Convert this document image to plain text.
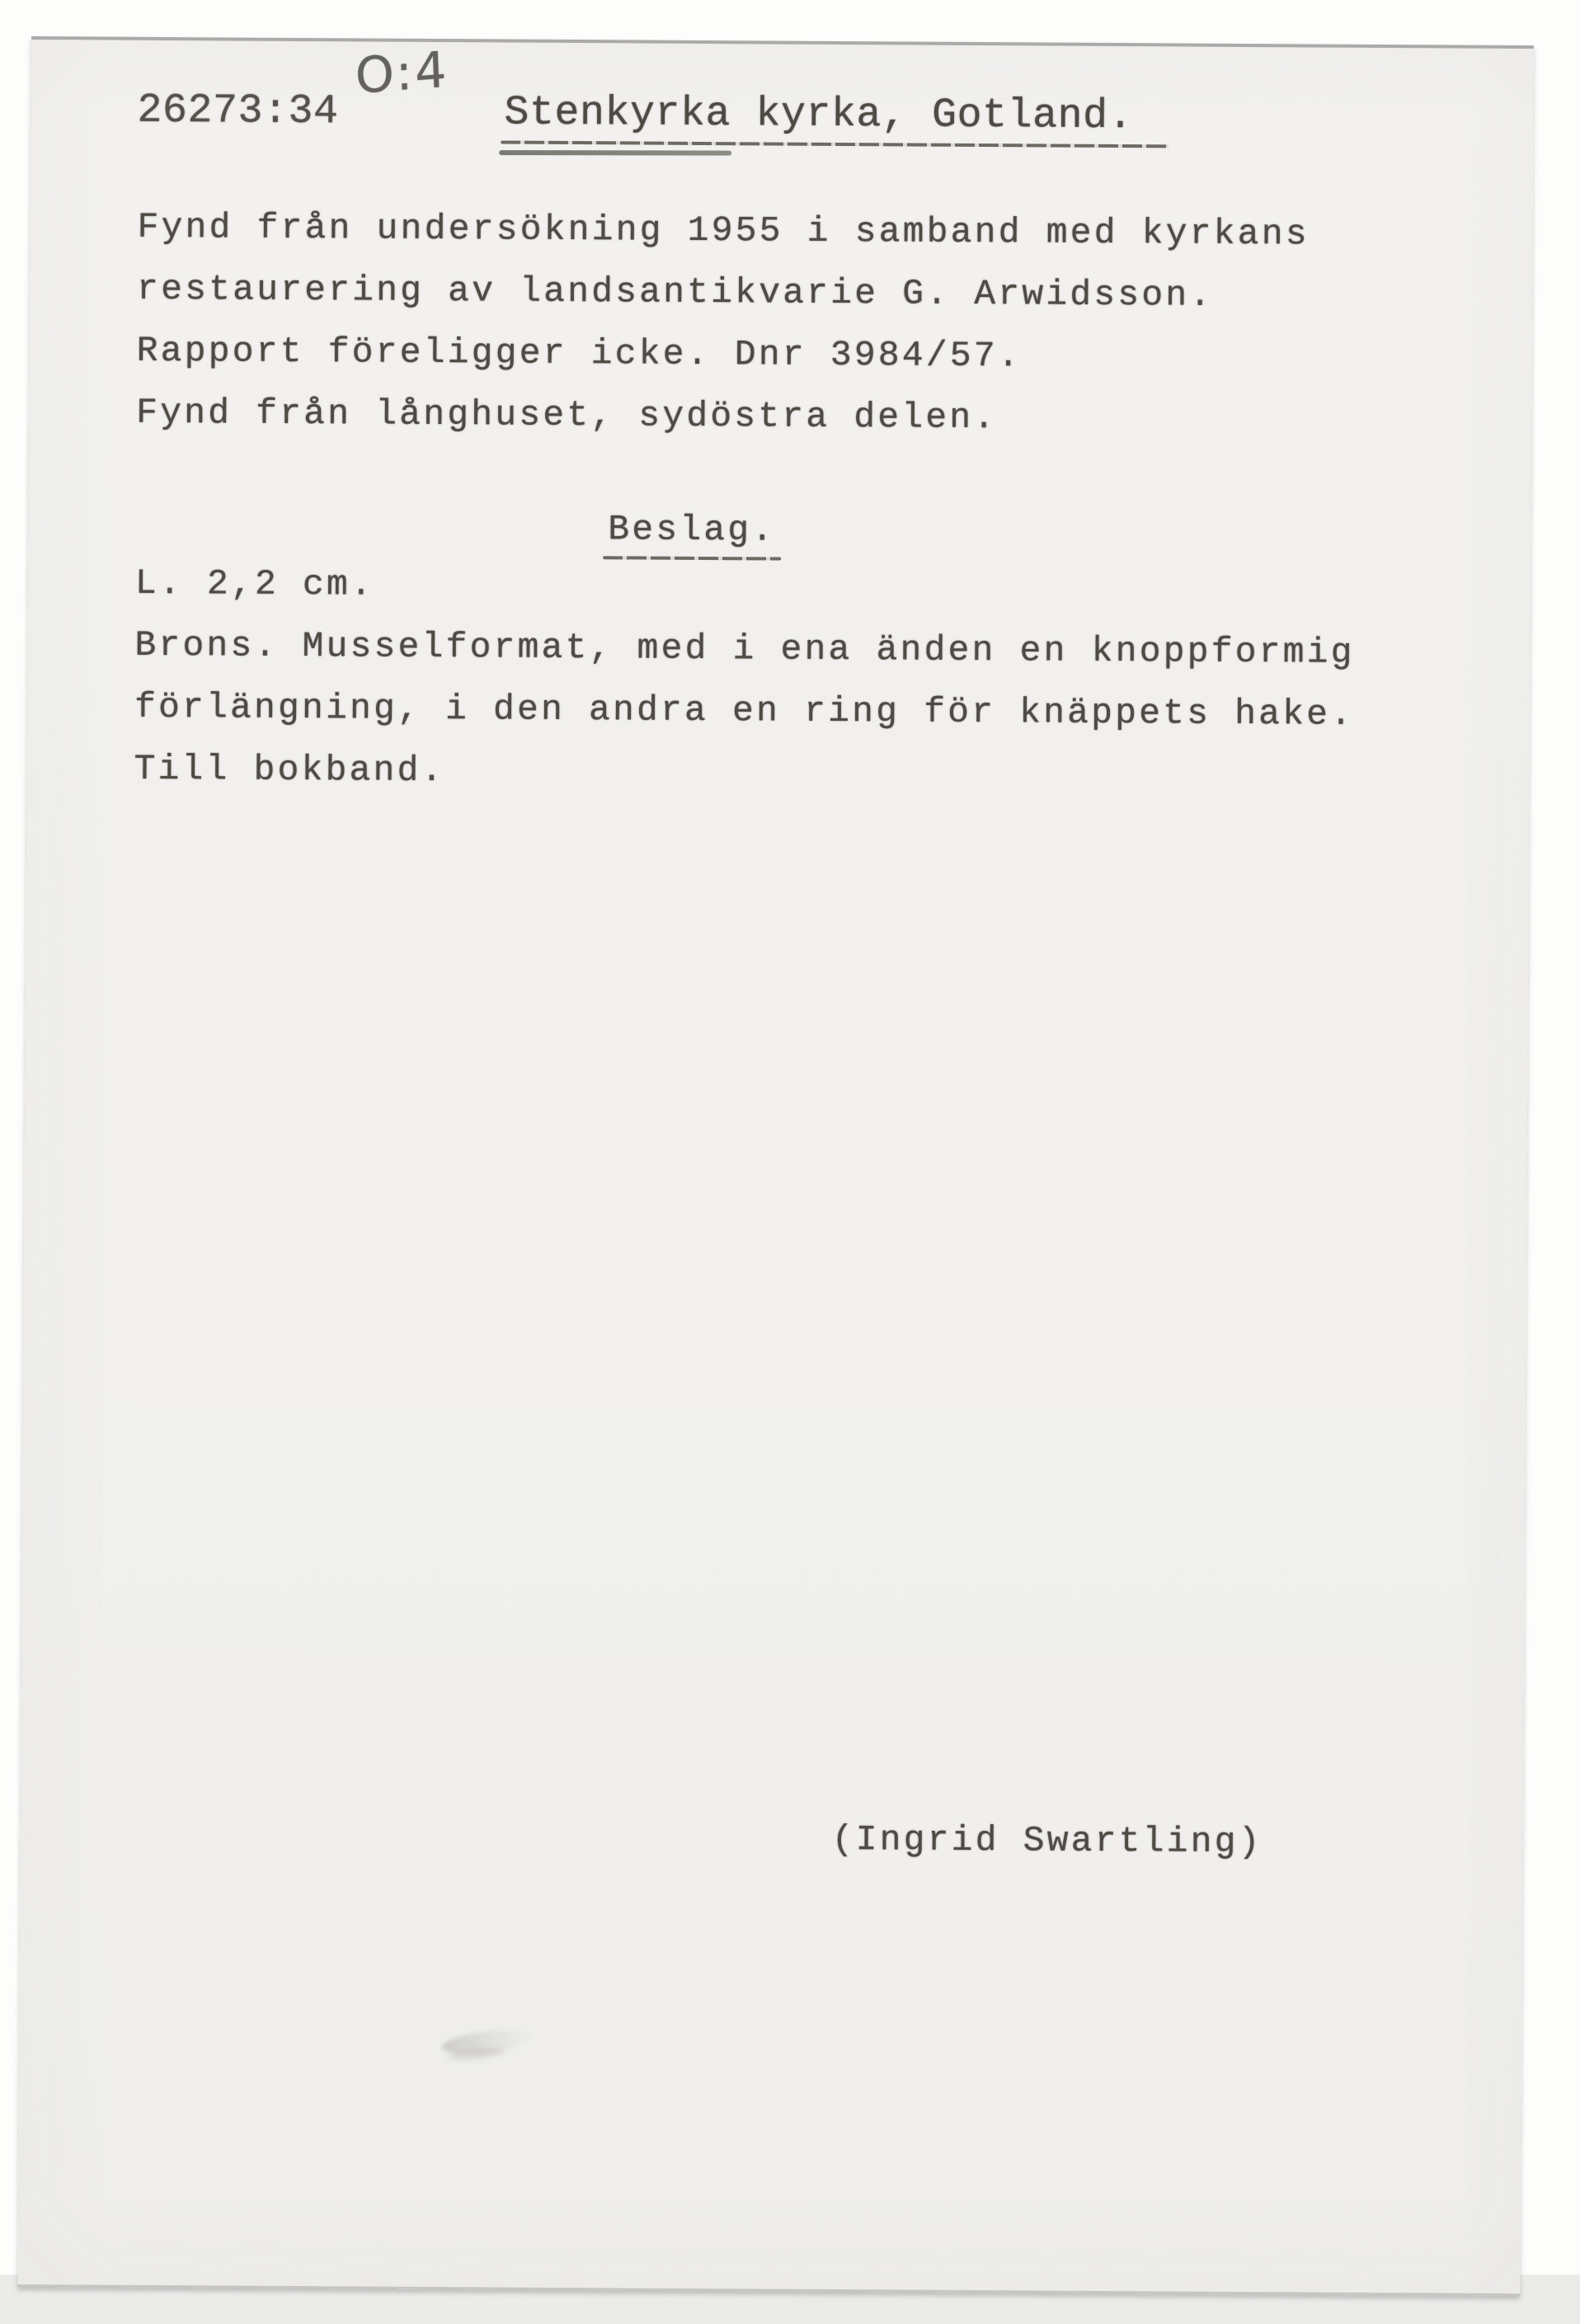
26273:34
O:4
Stenkyrka kyrka, Gotland.
Fynd från undersökning 1955 i samband med kyrkans
restaurering av landsantikvarie G. Arwidsson.
Rapport föreligger icke. Dnr 3984/57.
Fynd från långhuset, sydöstra delen.
Beslag.
L. 2,2 cm.
Brons. Musselformat, med i ena änden en knoppformig
förlängning, i den andra en ring för knäppets hake.
Till bokband.
(Ingrid Swartling)
